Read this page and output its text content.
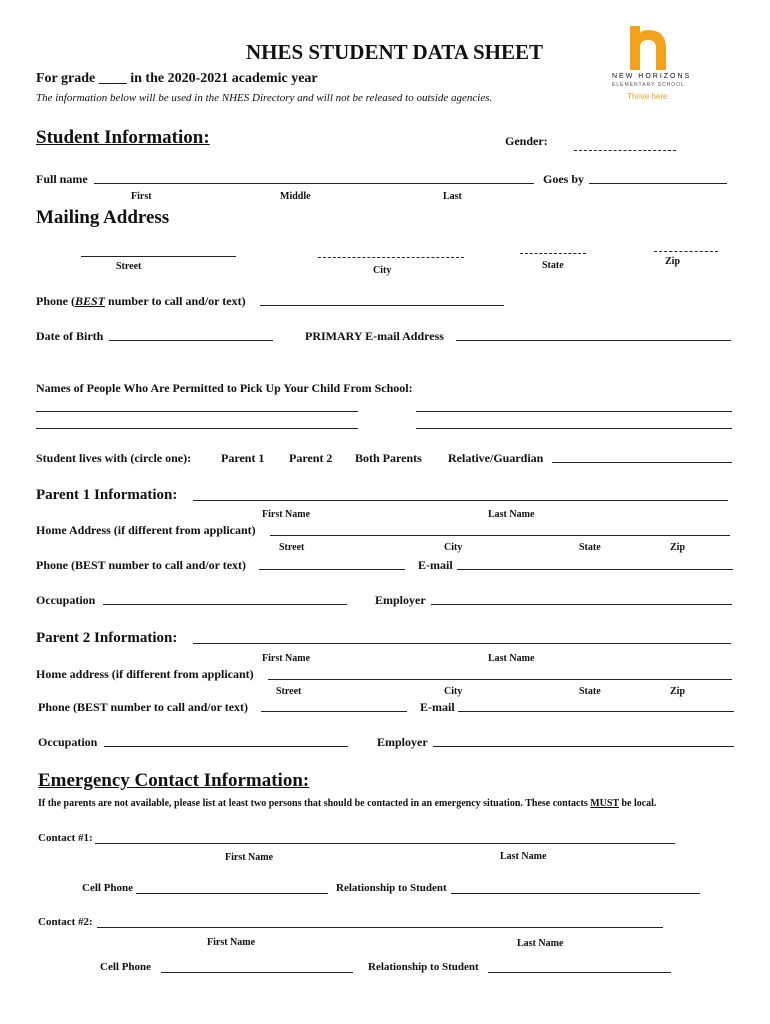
NHES STUDENT DATA SHEET
For grade ____ in the 2020-2021 academic year
The information below will be used in the NHES Directory and will not be released to outside agencies.
NEW HORIZONS
ELEMENTARY SCHOOL
Thrive here.
Student Information:	Gender:
Full name	Goes by
First	Middle	Last
Mailing Address
Street	City	State	Zip
Phone (BEST number to call and/or text)
Date of Birth	PRIMARY E-mail Address
Names of People Who Are Permitted to Pick Up Your Child From School:
Student lives with (circle one): Parent 1 Parent 2 Both Parents Relative/Guardian
Parent 1 Information:
First Name	Last Name
Home Address (if different from applicant)
Street	City	State	Zip
Phone (BEST number to call and/or text)	E-mail
Occupation	Employer
Parent 2 Information:
First Name	Last Name
Home address (if different from applicant)
Street	City	State	Zip
Phone (BEST number to call and/or text)	E-mail
Occupation	Employer
Emergency Contact Information:
If the parents are not available, please list at least two persons that should be contacted in an emergency situation. These contacts MUST be local.
Contact #1:
First Name	Last Name
Cell Phone	Relationship to Student
Contact #2:
First Name	Last Name
Cell Phone	Relationship to Student
